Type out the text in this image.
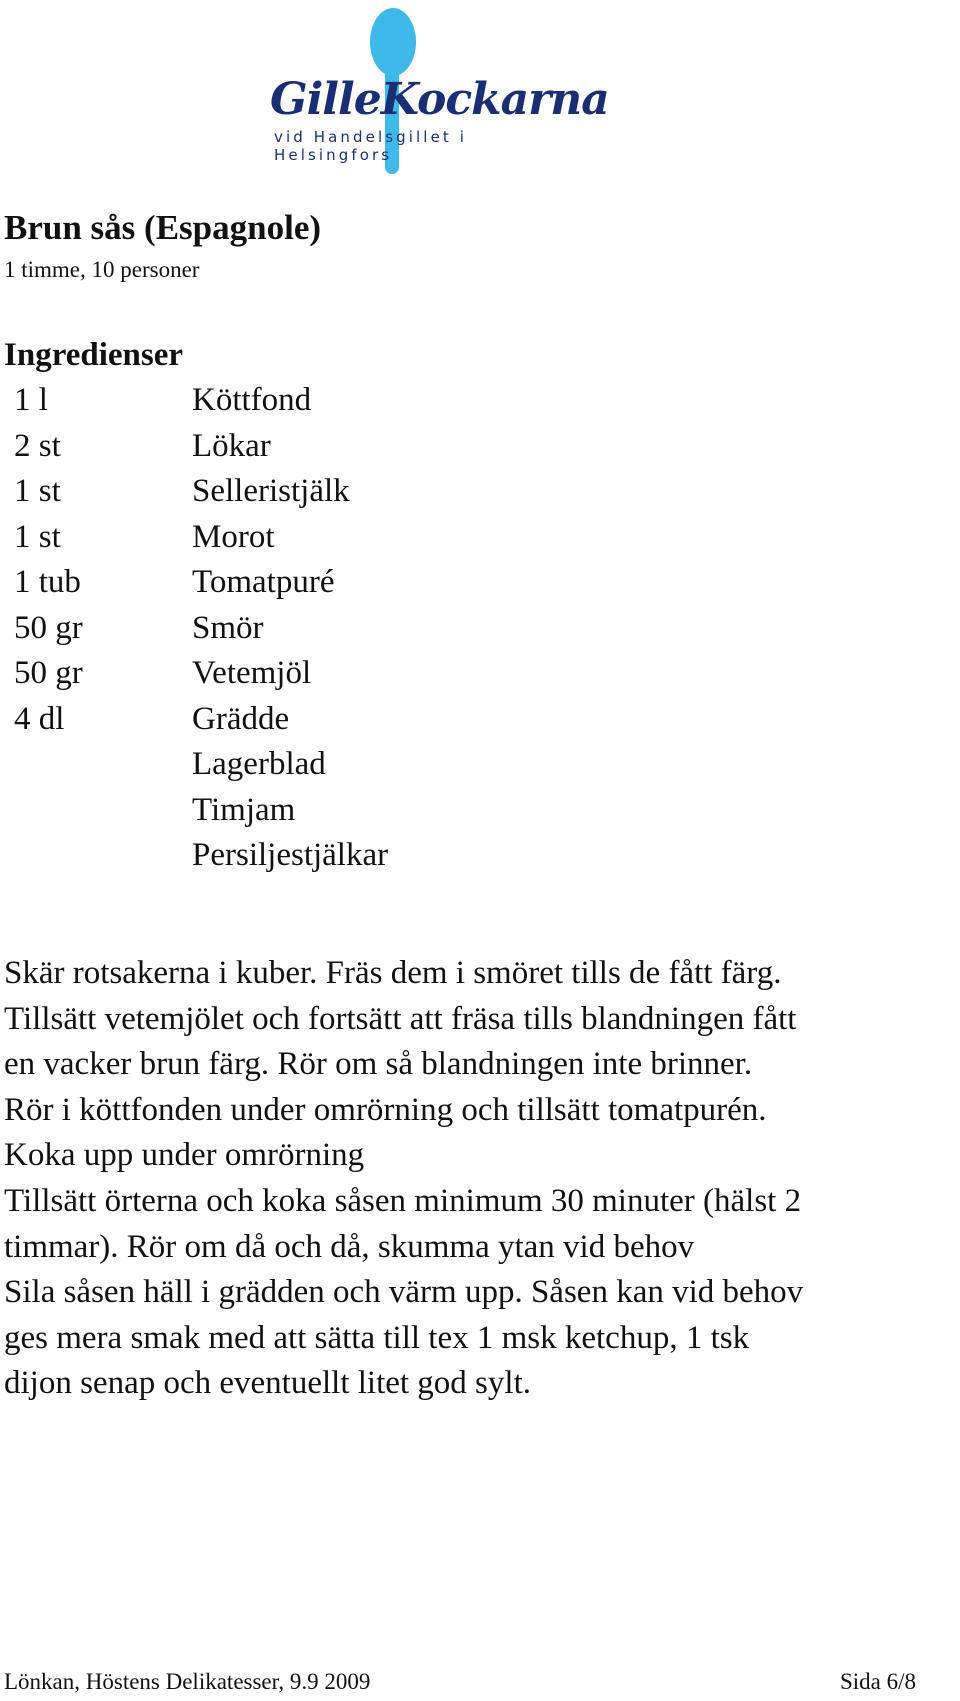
GilleKockarna
vid Handelsgillet i Helsingfors
Brun sås (Espagnole)
1 timme, 10 personer
Ingredienser
1 l	Köttfond
2 st	Lökar
1 st	Selleristjälk
1 st	Morot
1 tub	Tomatpuré
50 gr	Smör
50 gr	Vetemjöl
4 dl	Grädde
Lagerblad
Timjam
Persiljestjälkar
Skär rotsakerna i kuber. Fräs dem i smöret tills de fått färg.
Tillsätt vetemjölet och fortsätt att fräsa tills blandningen fått
en vacker brun färg. Rör om så blandningen inte brinner.
Rör i köttfonden under omrörning och tillsätt tomatpurén.
Koka upp under omrörning
Tillsätt örterna och koka såsen minimum 30 minuter (hälst 2
timmar). Rör om då och då, skumma ytan vid behov
Sila såsen häll i grädden och värm upp. Såsen kan vid behov
ges mera smak med att sätta till tex 1 msk ketchup, 1 tsk
dijon senap och eventuellt litet god sylt.
Lönkan, Höstens Delikatesser, 9.9 2009	Sida 6/8
